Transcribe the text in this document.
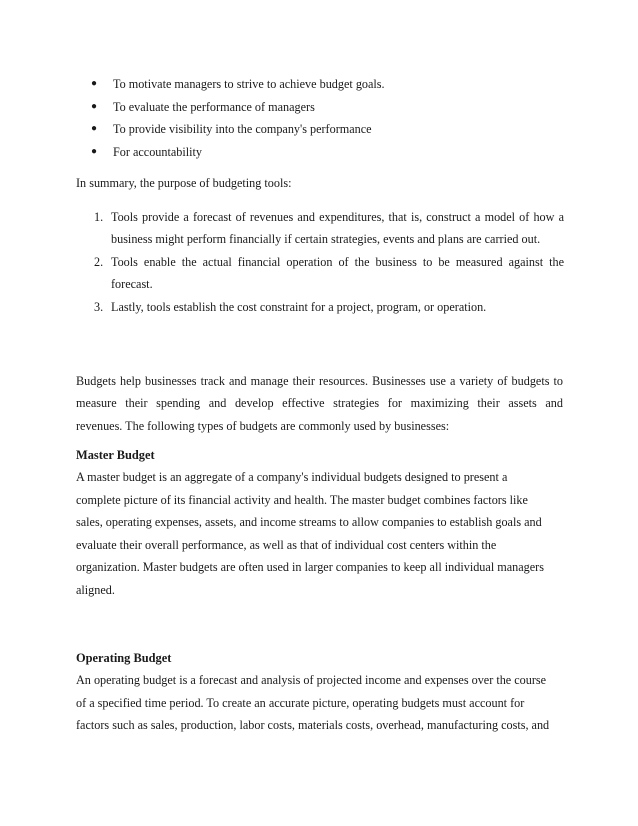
● To motivate managers to strive to achieve budget goals.
● To evaluate the performance of managers
● To provide visibility into the company's performance
● For accountability

In summary, the purpose of budgeting tools:

1. Tools provide a forecast of revenues and expenditures, that is, construct a model of how a
business might perform financially if certain strategies, events and plans are carried out.
2. Tools enable the actual financial operation of the business to be measured against the
forecast.
3. Lastly, tools establish the cost constraint for a project, program, or operation.
Budgets help businesses track and manage their resources. Businesses use a variety of budgets to
measure their spending and develop effective strategies for maximizing their assets and
revenues. The following types of budgets are commonly used by businesses:
Master Budget
A master budget is an aggregate of a company's individual budgets designed to present a
complete picture of its financial activity and health. The master budget combines factors like
sales, operating expenses, assets, and income streams to allow companies to establish goals and
evaluate their overall performance, as well as that of individual cost centers within the
organization. Master budgets are often used in larger companies to keep all individual managers
aligned.
Operating Budget
An operating budget is a forecast and analysis of projected income and expenses over the course
of a specified time period. To create an accurate picture, operating budgets must account for
factors such as sales, production, labor costs, materials costs, overhead, manufacturing costs, and
